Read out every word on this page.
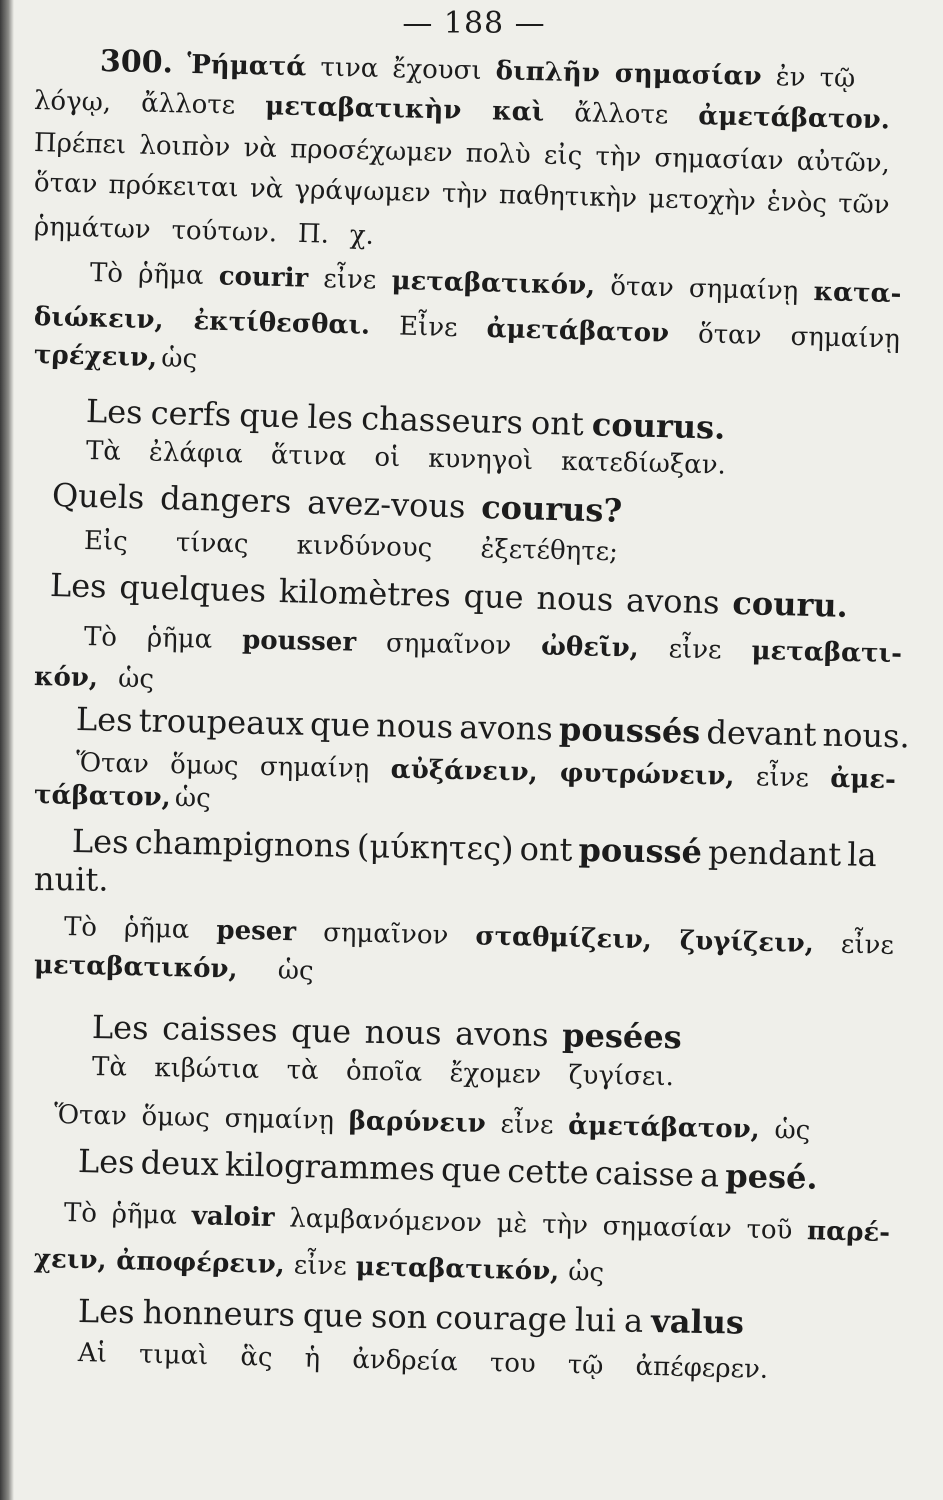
— 188 —
300. Ῥήματά τινα ἔχουσι διπλῆν σημασίαν ἐν τῷ
λόγῳ, ἄλλοτε μεταβατικὴν καὶ ἄλλοτε ἀμετάβατον.
Πρέπει λοιπὸν νὰ προσέχωμεν πολὺ εἰς τὴν σημασίαν αὐτῶν,
ὅταν πρόκειται νὰ γράψωμεν τὴν παθητικὴν μετοχὴν ἑνὸς τῶν
ῥημάτων τούτων. Π. χ.
Τὸ ῥῆμα courir εἶνε μεταβατικόν, ὅταν σημαίνῃ κατα-
διώκειν, ἐκτίθεσθαι. Εἶνε ἀμετάβατον ὅταν σημαίνῃ
τρέχειν, ὡς
Les cerfs que les chasseurs ont courus.
Τὰ ἐλάφια ἅτινα οἱ κυνηγοὶ κατεδίωξαν.
Quels dangers avez-vous courus?
Εἰς τίνας κινδύνους ἐξετέθητε;
Les quelques kilomètres que nous avons couru.
Τὸ ῥῆμα pousser σημαῖνον ὠθεῖν, εἶνε μεταβατι-
κόν, ὡς
Les troupeaux que nous avons poussés devant nous.
Ὅταν ὅμως σημαίνῃ αὐξάνειν, φυτρώνειν, εἶνε ἀμε-
τάβατον, ὡς
Les champignons (μύκητες) ont poussé pendant la
nuit.
Τὸ ῥῆμα peser σημαῖνον σταθμίζειν, ζυγίζειν, εἶνε
μεταβατικόν, ὡς
Les caisses que nous avons pesées
Τὰ κιβώτια τὰ ὁποῖα ἔχομεν ζυγίσει.
Ὅταν ὅμως σημαίνῃ βαρύνειν εἶνε ἀμετάβατον, ὡς
Les deux kilogrammes que cette caisse a pesé.
Τὸ ῥῆμα valoir λαμβανόμενον μὲ τὴν σημασίαν τοῦ παρέ-
χειν, ἀποφέρειν, εἶνε μεταβατικόν, ὡς
Les honneurs que son courage lui a valus
Αἱ τιμαὶ ἃς ἡ ἀνδρεία του τῷ ἀπέφερεν.
